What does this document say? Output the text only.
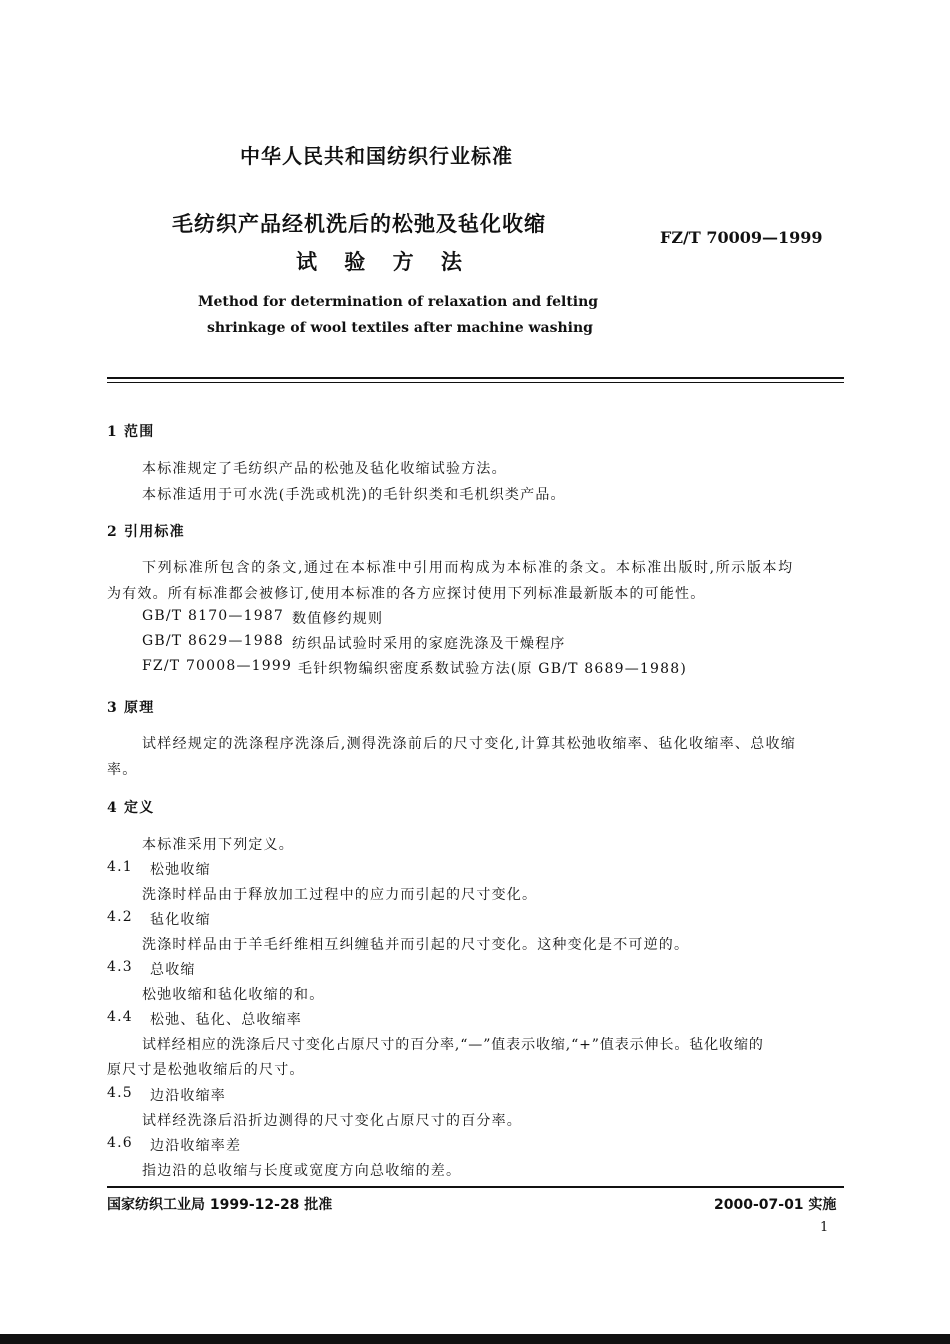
中华人民共和国纺织行业标准
毛纺织产品经机洗后的松弛及毡化收缩
试 验 方 法
FZ/T 70009—1999
Method for determination of relaxation and felting
shrinkage of wool textiles after machine washing
1 范围
本标准规定了毛纺织产品的松弛及毡化收缩试验方法。
本标准适用于可水洗(手洗或机洗)的毛针织类和毛机织类产品。
2 引用标准
下列标准所包含的条文,通过在本标准中引用而构成为本标准的条文。本标准出版时,所示版本均
为有效。所有标准都会被修订,使用本标准的各方应探讨使用下列标准最新版本的可能性。
GB/T 8170—1987 数值修约规则
GB/T 8629—1988 纺织品试验时采用的家庭洗涤及干燥程序
FZ/T 70008—1999 毛针织物编织密度系数试验方法(原 GB/T 8689—1988)
3 原理
试样经规定的洗涤程序洗涤后,测得洗涤前后的尺寸变化,计算其松弛收缩率、毡化收缩率、总收缩
率。
4 定义
本标准采用下列定义。
4.1 松弛收缩
洗涤时样品由于释放加工过程中的应力而引起的尺寸变化。
4.2 毡化收缩
洗涤时样品由于羊毛纤维相互纠缠毡并而引起的尺寸变化。这种变化是不可逆的。
4.3 总收缩
松弛收缩和毡化收缩的和。
4.4 松弛、毡化、总收缩率
试样经相应的洗涤后尺寸变化占原尺寸的百分率,“—”值表示收缩,“+”值表示伸长。毡化收缩的
原尺寸是松弛收缩后的尺寸。
4.5 边沿收缩率
试样经洗涤后沿折边测得的尺寸变化占原尺寸的百分率。
4.6 边沿收缩率差
指边沿的总收缩与长度或宽度方向总收缩的差。
国家纺织工业局 1999-12-28 批准	2000-07-01 实施
1
